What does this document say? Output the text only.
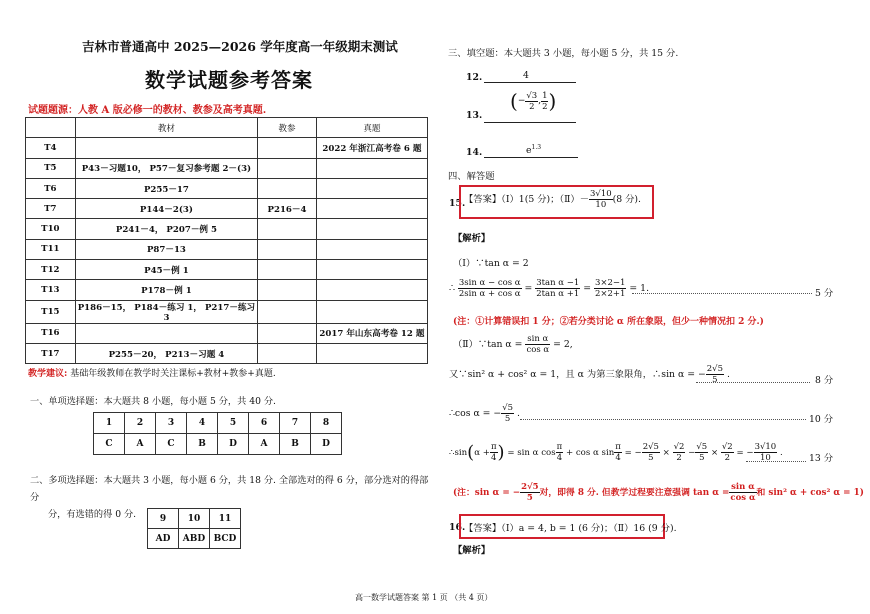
吉林市普通高中 2025—2026 学年度高一年级期末测试
数学试题参考答案
试题题源：人教 A 版必修一的教材、教参及高考真题.
	教材	教参	真题
T4			2022 年浙江高考卷 6 题
T5	P43－习题10， P57－复习参考题 2－(3)		
T6	P255－17		
T7	P144－2(3)	P216－4	
T10	P241－4， P207－例 5		
T11	P87－13		
T12	P45－例 1		
T13	P178－例 1		
T15	P186－15， P184－练习 1， P217－练习 3		
T16			2017 年山东高考卷 12 题
T17	P255－20， P213－习题 4		
教学建议: 基础年级教师在教学时关注课标+教材+教参+真题.
一、单项选择题：本大题共 8 小题，每小题 5 分，共 40 分.
1	2	3	4	5	6	7	8
C	A	C	B	D	A	B	D
二、多项选择题：本大题共 3 小题，每小题 6 分，共 18 分. 全部选对的得 6 分，部分选对的得部分
分，有选错的得 0 分.	9	10	11
AD	ABD	BCD
三、填空题：本大题共 3 小题，每小题 5 分，共 15 分.
12.	4
13.
(− $\frac{√3}{2}$ , $\frac{1}{2}$ )
14.	$e^{1.3}$
四、解答题
15.
【答案】（Ⅰ）1(5 分)；（Ⅱ）－ $\frac{3√10}{10} (8$ 分).
【解析】
（Ⅰ）∵tan α = 2
∴ $\frac{\text{3sin α − cos α}}{\text{2sin α + cos α}} = \frac{\text{3tan α −1}}{\text{2tan α +1}} = \frac{3\times 2-1}{2\times 2+1} = 1$.	5 分
(注：①计算错误扣 1 分；②若分类讨论 α 所在象限，但少一种情况扣 2 分.)
（Ⅱ）∵tan $\alpha = \frac{\text{sin α}}{\text{cos α}} = 2$,
又∵sin² α + cos² α = 1，且 α 为第三象限角，∴sin α = − $\frac{2√5}{5}$ .
8 分
∴cos α = − $\frac{√5}{5}$ .
10 分
∴sin(α + $\frac{\pi}{4}$ ) = sin α $\cos \frac{\pi}{4} + \cos \alpha$ $\sin \frac{\pi}{4}$ = − $\frac{2√5}{5} \times \frac{√2}{2} - \frac{√5}{5} \times \frac{√2}{2}$ = − $\frac{3√10}{10}$ .	13 分
(注：sin α = − $\frac{2√5}{5}$ 对，即得 8 分. 但教学过程要注意强调 $\tan \alpha = \frac{\text{sin α}}{\text{cos α}}$ 和 sin² α + cos² α = 1)
16.
【答案】（Ⅰ）a = 4, b = 1 (6 分)；（Ⅱ）16 (9 分).
【解析】
高一数学试题答案 第 1 页 （共 4 页）
